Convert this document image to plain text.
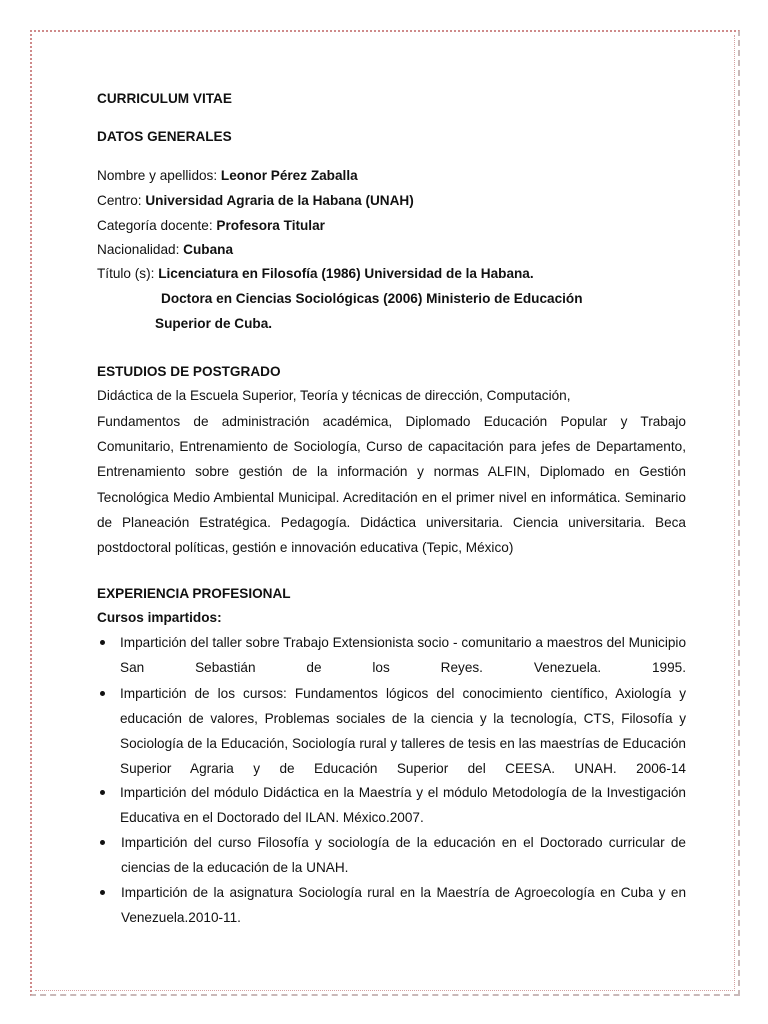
CURRICULUM VITAE
DATOS GENERALES
Nombre y apellidos: Leonor Pérez Zaballa
Centro: Universidad Agraria de la Habana (UNAH)
Categoría docente: Profesora Titular
Nacionalidad: Cubana
Título (s): Licenciatura en Filosofía (1986) Universidad de la Habana.
Doctora en Ciencias Sociológicas (2006) Ministerio de Educación
Superior de Cuba.
ESTUDIOS DE POSTGRADO
Didáctica de la Escuela Superior, Teoría y técnicas de dirección, Computación,
Fundamentos de administración académica, Diplomado Educación Popular y Trabajo Comunitario, Entrenamiento de Sociología, Curso de capacitación para jefes de Departamento, Entrenamiento sobre gestión de la información y normas ALFIN, Diplomado en Gestión Tecnológica Medio Ambiental Municipal. Acreditación en el primer nivel en informática. Seminario de Planeación Estratégica. Pedagogía. Didáctica universitaria. Ciencia universitaria. Beca postdoctoral políticas, gestión e innovación educativa (Tepic, México)
EXPERIENCIA PROFESIONAL
Cursos impartidos:
Impartición del taller sobre Trabajo Extensionista socio - comunitario a maestros del Municipio San Sebastián de los Reyes. Venezuela. 1995.
Impartición de los cursos: Fundamentos lógicos del conocimiento científico, Axiología y educación de valores, Problemas sociales de la ciencia y la tecnología, CTS, Filosofía y Sociología de la Educación, Sociología rural y talleres de tesis en las maestrías de Educación Superior Agraria y de Educación Superior del CEESA. UNAH. 2006-14
Impartición del módulo Didáctica en la Maestría y el módulo Metodología de la Investigación Educativa en el Doctorado del ILAN. México.2007.
Impartición del curso Filosofía y sociología de la educación en el Doctorado curricular de ciencias de la educación de la UNAH.
Impartición de la asignatura Sociología rural en la Maestría de Agroecología en Cuba y en Venezuela.2010-11.
